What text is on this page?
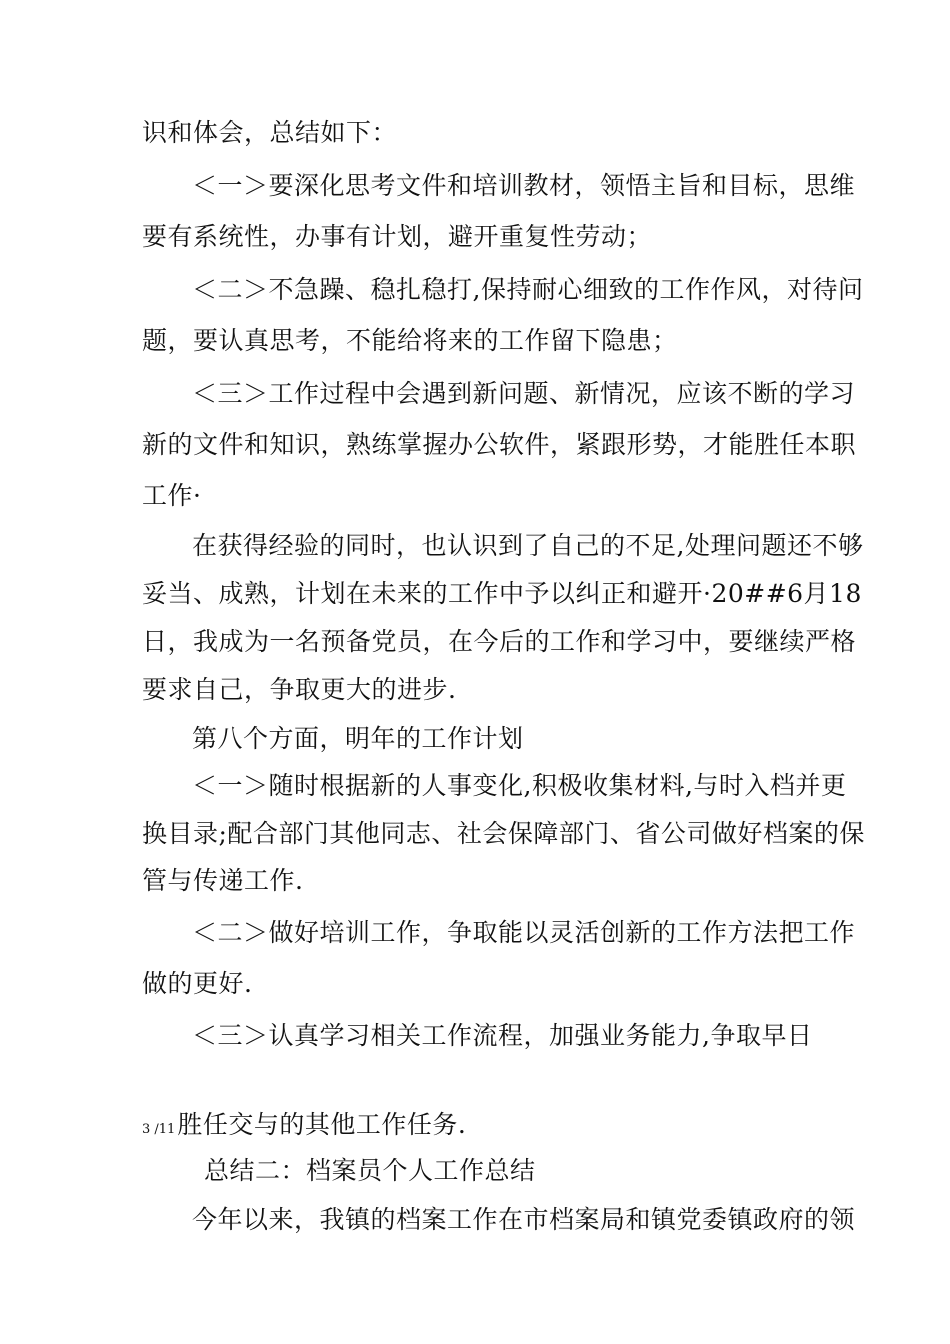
识和体会，总结如下：
＜一＞要深化思考文件和培训教材，领悟主旨和目标，思维
要有系统性，办事有计划，避开重复性劳动；
＜二＞不急躁、稳扎稳打,保持耐心细致的工作作风，对待问
题，要认真思考，不能给将来的工作留下隐患；
＜三＞工作过程中会遇到新问题、新情况，应该不断的学习
新的文件和知识，熟练掌握办公软件，紧跟形势，才能胜任本职
工作·
在获得经验的同时，也认识到了自己的不足,处理问题还不够
妥当、成熟，计划在未来的工作中予以纠正和避开·20##6月18
日，我成为一名预备党员，在今后的工作和学习中，要继续严格
要求自己，争取更大的进步.
第八个方面，明年的工作计划
＜一＞随时根据新的人事变化,积极收集材料,与时入档并更
换目录;配合部门其他同志、社会保障部门、省公司做好档案的保
管与传递工作.
＜二＞做好培训工作，争取能以灵活创新的工作方法把工作
做的更好.
＜三＞认真学习相关工作流程，加强业务能力,争取早日
3 /11胜任交与的其他工作任务.
总结二：档案员个人工作总结
今年以来，我镇的档案工作在市档案局和镇党委镇政府的领
